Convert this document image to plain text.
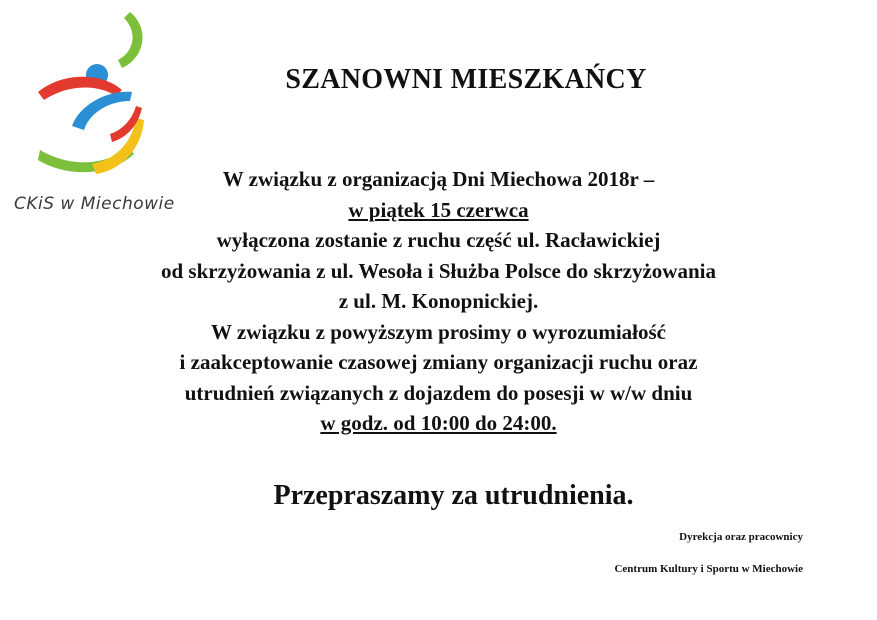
CKiS w Miechowie
SZANOWNI MIESZKAŃCY
W związku z organizacją Dni Miechowa 2018r –
w piątek 15 czerwca
wyłączona zostanie z ruchu część ul. Racławickiej
od skrzyżowania z ul. Wesoła i Służba Polsce do skrzyżowania
z ul. M. Konopnickiej.
W związku z powyższym prosimy o wyrozumiałość
i zaakceptowanie czasowej zmiany organizacji ruchu oraz
utrudnień związanych z dojazdem do posesji w w/w dniu
w godz. od 10:00 do 24:00.
Przepraszamy za utrudnienia.
Dyrekcja oraz pracownicy
Centrum Kultury i Sportu w Miechowie
